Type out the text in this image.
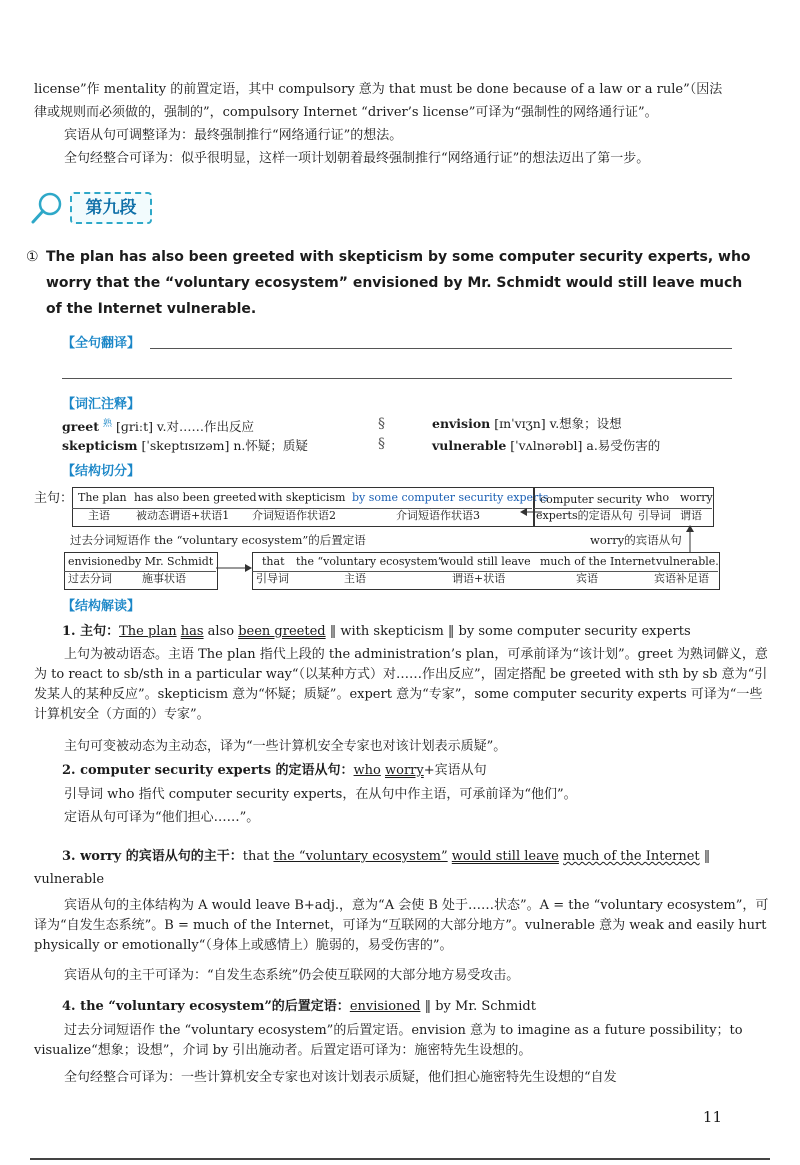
license”作 mentality 的前置定语，其中 compulsory 意为 that must be done because of a law or a rule”（因法

律或规则而必须做的，强制的”，compulsory Internet “driver’s license”可译为“强制性的网络通行证”。

宾语从句可调整译为：最终强制推行“网络通行证”的想法。

全句经整合可译为：似乎很明显，这样一项计划朝着最终强制推行“网络通行证”的想法迈出了第一步。

第九段
① The plan has also been greeted with skepticism by some computer security experts, who worry that the “voluntary ecosystem” envisioned by Mr. Schmidt would still leave much of the Internet vulnerable.
【全句翻译】
【词汇注释】
greet $^熟$ [ɡriːt] v.对……作出反应
skepticism [ˈskeptɪsɪzəm] n.怀疑；质疑
§
§
envision [ɪnˈvɪʒn] v.想象；设想
vulnerable [ˈvʌlnərəbl] a.易受伤害的
【结构切分】
主句： The plan
主语
has also been greeted
被动态谓语+状语1
with skepticism
介词短语作状语2
by some computer security experts
介词短语作状语3
computer security
experts的定语从句
who worry
引导词 谓语
过去分词短语作 the “voluntary ecosystem”的后置定语	worry的宾语从句
envisioned
过去分词
by Mr. Schmidt
施事状语
that
引导词
the “voluntary ecosystem”
主语
would still leave
谓语+状语
much of the Internet
宾语
vulnerable.
宾语补足语
【结构解读】

1. 主句：The plan has also been greeted ‖ with skepticism ‖ by some computer security experts

上句为被动语态。主语 The plan 指代上段的 the administration’s plan，可承前译为“该计划”。greet 为熟词僻义，意为 to react to sb/sth in a particular way“（以某种方式）对……作出反应”，固定搭配 be greeted with sth by sb 意为“引发某人的某种反应”。skepticism 意为“怀疑；质疑”。expert 意为“专家”，some computer security experts 可译为“一些计算机安全（方面的）专家”。

主句可变被动态为主动态，译为“一些计算机安全专家也对该计划表示质疑”。

2. computer security experts 的定语从句：who worry+宾语从句

引导词 who 指代 computer security experts，在从句中作主语，可承前译为“他们”。

定语从句可译为“他们担心……”。

3. worry 的宾语从句的主干：that the “voluntary ecosystem” would still leave much of the Internet ‖

vulnerable

宾语从句的主体结构为 A would leave B+adj.，意为“A 会使 B 处于……状态”。A = the “voluntary ecosystem”，可译为“自发生态系统”。B = much of the Internet，可译为“互联网的大部分地方”。vulnerable 意为 weak and easily hurt physically or emotionally“（身体上或感情上）脆弱的，易受伤害的”。

宾语从句的主干可译为：“自发生态系统”仍会使互联网的大部分地方易受攻击。

4. the “voluntary ecosystem”的后置定语：envisioned ‖ by Mr. Schmidt

过去分词短语作 the “voluntary ecosystem”的后置定语。envision 意为 to imagine as a future possibility；to visualize“想象；设想”，介词 by 引出施动者。后置定语可译为：施密特先生设想的。

全句经整合可译为：一些计算机安全专家也对该计划表示质疑，他们担心施密特先生设想的“自发

11
